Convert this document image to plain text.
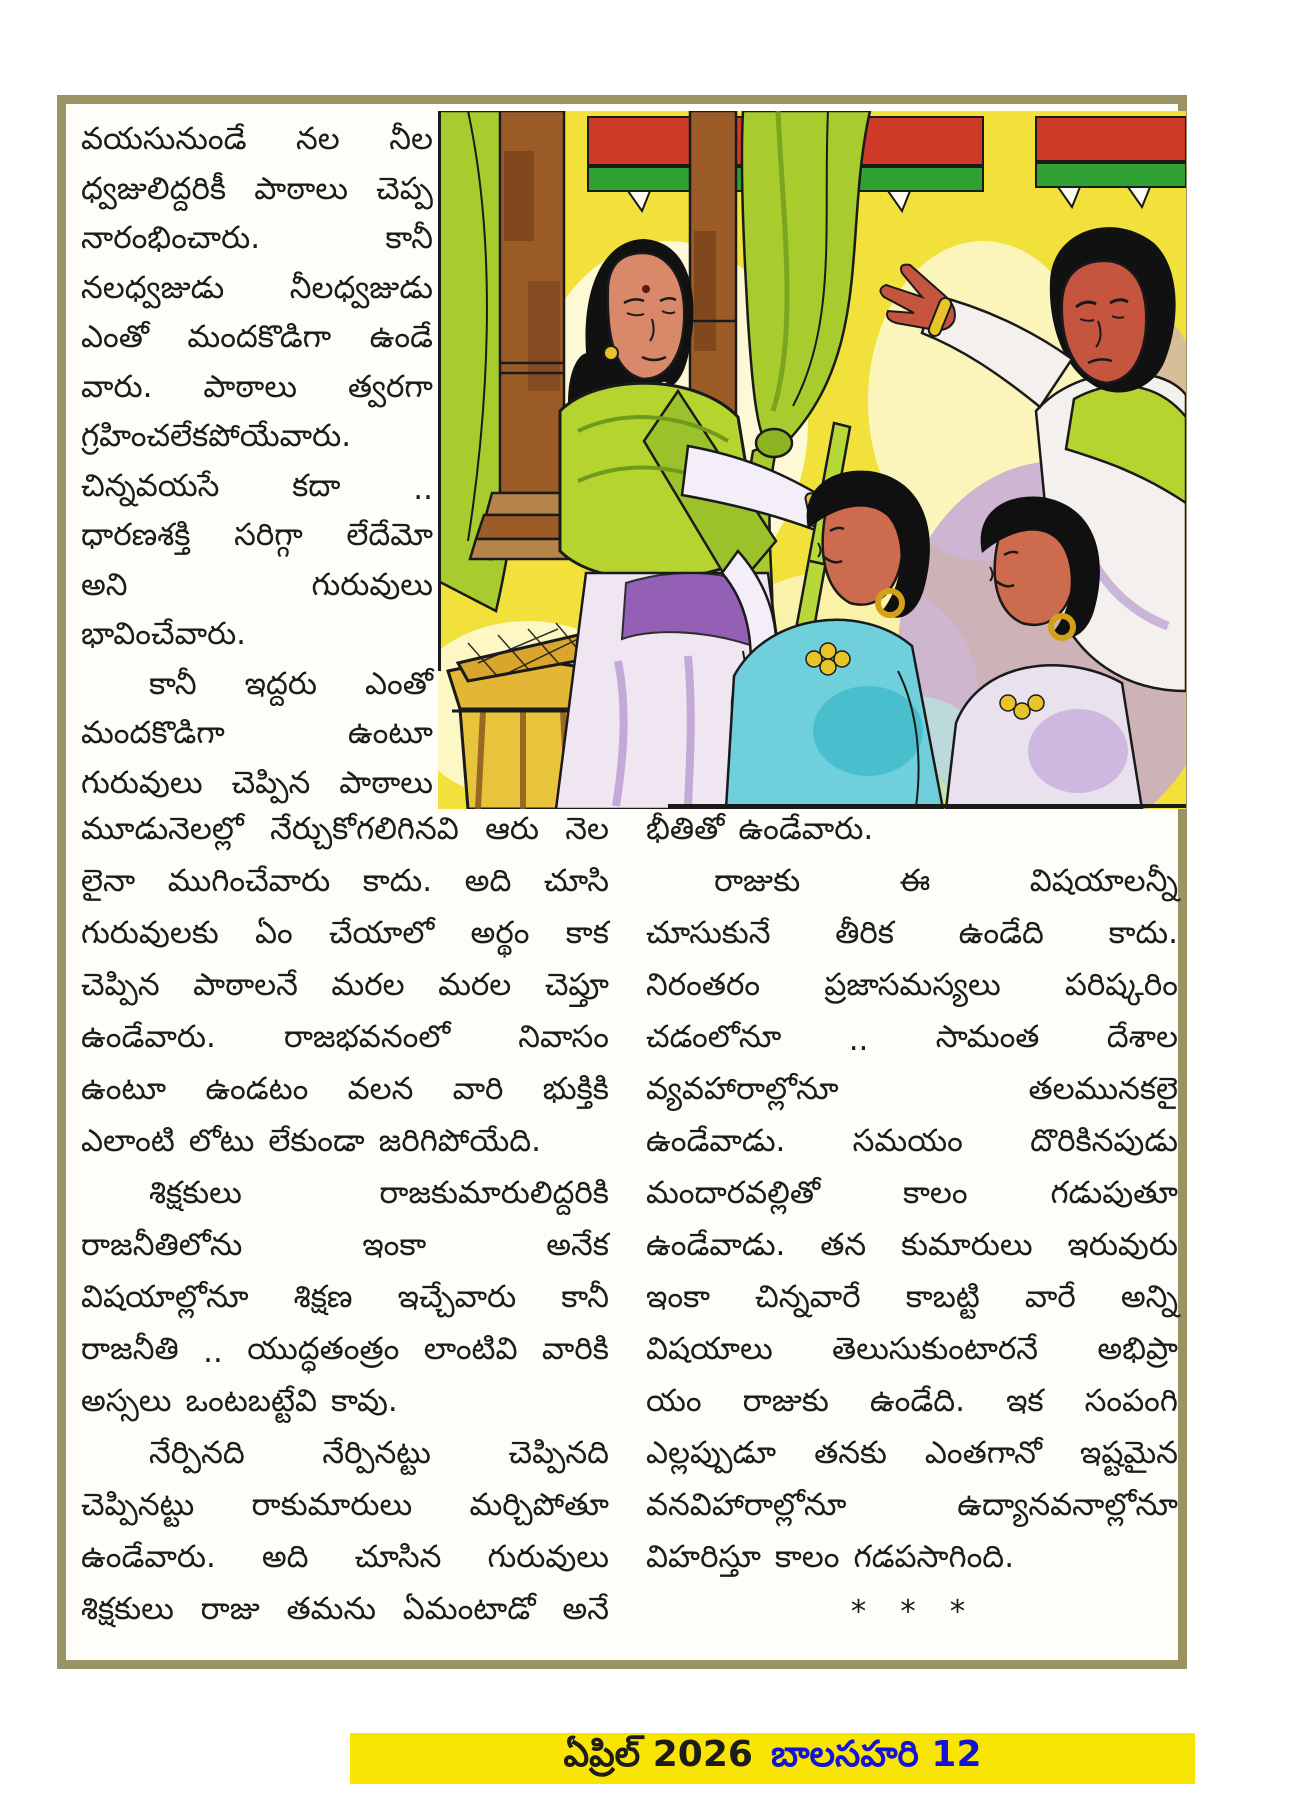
వయసునుండే నల నీల
ధ్వజులిద్దరికీ పాఠాలు చెప్ప
నారంభించారు.	కానీ
నలధ్వజుడు నీలధ్వజుడు
ఎంతో మందకొడిగా ఉండే
వారు. పాఠాలు త్వరగా
గ్రహించలేకపోయేవారు.
చిన్నవయసే కదా ..
ధారణశక్తి సరిగ్గా లేదేమో
అని	గురువులు
భావించేవారు.
కానీ ఇద్దరు ఎంతో
మందకొడిగా	ఉంటూ
గురువులు చెప్పిన పాఠాలు
మూడునెలల్లో నేర్చుకోగలిగినవి ఆరు నెల
లైనా ముగించేవారు కాదు. అది చూసి
గురువులకు ఏం చేయాలో అర్థం కాక
చెప్పిన పాఠాలనే మరల మరల చెప్తూ
ఉండేవారు. రాజభవనంలో నివాసం
ఉంటూ ఉండటం వలన వారి భుక్తికి
ఎలాంటి లోటు లేకుండా జరిగిపోయేది.
శిక్షకులు	రాజకుమారులిద్దరికి
రాజనీతిలోను	ఇంకా	అనేక
విషయాల్లోనూ శిక్షణ ఇచ్చేవారు కానీ
రాజనీతి .. యుద్ధతంత్రం లాంటివి వారికి
అస్సలు ఒంటబట్టేవి కావు.
నేర్పినది	నేర్పినట్టు	చెప్పినది
చెప్పినట్టు రాకుమారులు మర్చిపోతూ
ఉండేవారు. అది చూసిన గురువులు
శిక్షకులు రాజు తమను ఏమంటాడో అనే
భీతితో ఉండేవారు.
రాజుకు	ఈ	విషయాలన్నీ
చూసుకునే తీరిక ఉండేది కాదు.
నిరంతరం ప్రజాసమస్యలు పరిష్కరిం
చడంలోనూ .. సామంత దేశాల
వ్యవహారాల్లోనూ	తలమునకలై
ఉండేవాడు. సమయం దొరికినపుడు
మందారవల్లితో	కాలం	గడుపుతూ
ఉండేవాడు. తన కుమారులు ఇరువురు
ఇంకా చిన్నవారే కాబట్టి వారే అన్ని
విషయాలు తెలుసుకుంటారనే అభిప్రా
యం రాజుకు ఉండేది. ఇక సంపంగి
ఎల్లప్పుడూ తనకు ఎంతగానో ఇష్టమైన
వనవిహారాల్లోనూ	ఉద్యానవనాల్లోనూ
విహరిస్తూ కాలం గడపసాగింది.
* * *
ఏప్రిల్ 2026 బాలసహరి 12
